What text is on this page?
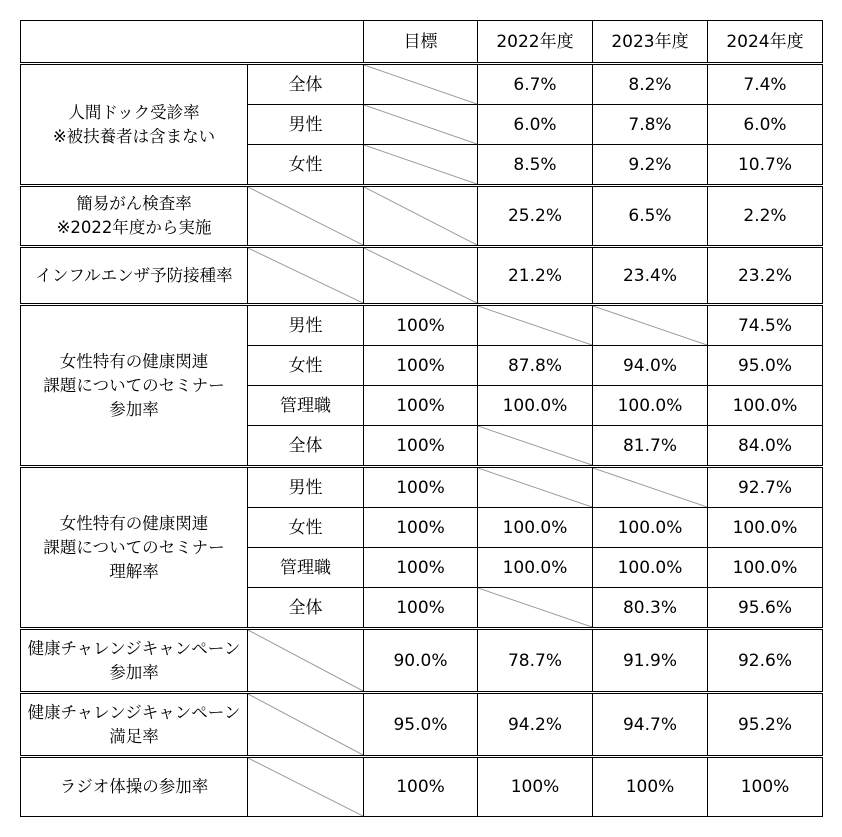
		目標	2022年度	2023年度	2024年度

人間ドック受診率
※被扶養者は含まない	全体		6.7%	8.2%	7.4%
	男性		6.0%	7.8%	6.0%
	女性		8.5%	9.2%	10.7%

簡易がん検査率
※2022年度から実施			25.2%	6.5%	2.2%
インフルエンザ予防接種率			21.2%	23.4%	23.2%

女性特有の健康関連
課題についてのセミナー
参加率	男性	100%			74.5%
	女性	100%	87.8%	94.0%	95.0%
	管理職	100%	100.0%	100.0%	100.0%
	全体	100%		81.7%	84.0%

女性特有の健康関連
課題についてのセミナー
理解率	男性	100%			92.7%
	女性	100%	100.0%	100.0%	100.0%
	管理職	100%	100.0%	100.0%	100.0%
	全体	100%		80.3%	95.6%

健康チャレンジキャンペーン
参加率		90.0%	78.7%	91.9%	92.6%

健康チャレンジキャンペーン
満足率		95.0%	94.2%	94.7%	95.2%
ラジオ体操の参加率		100%	100%	100%	100%
